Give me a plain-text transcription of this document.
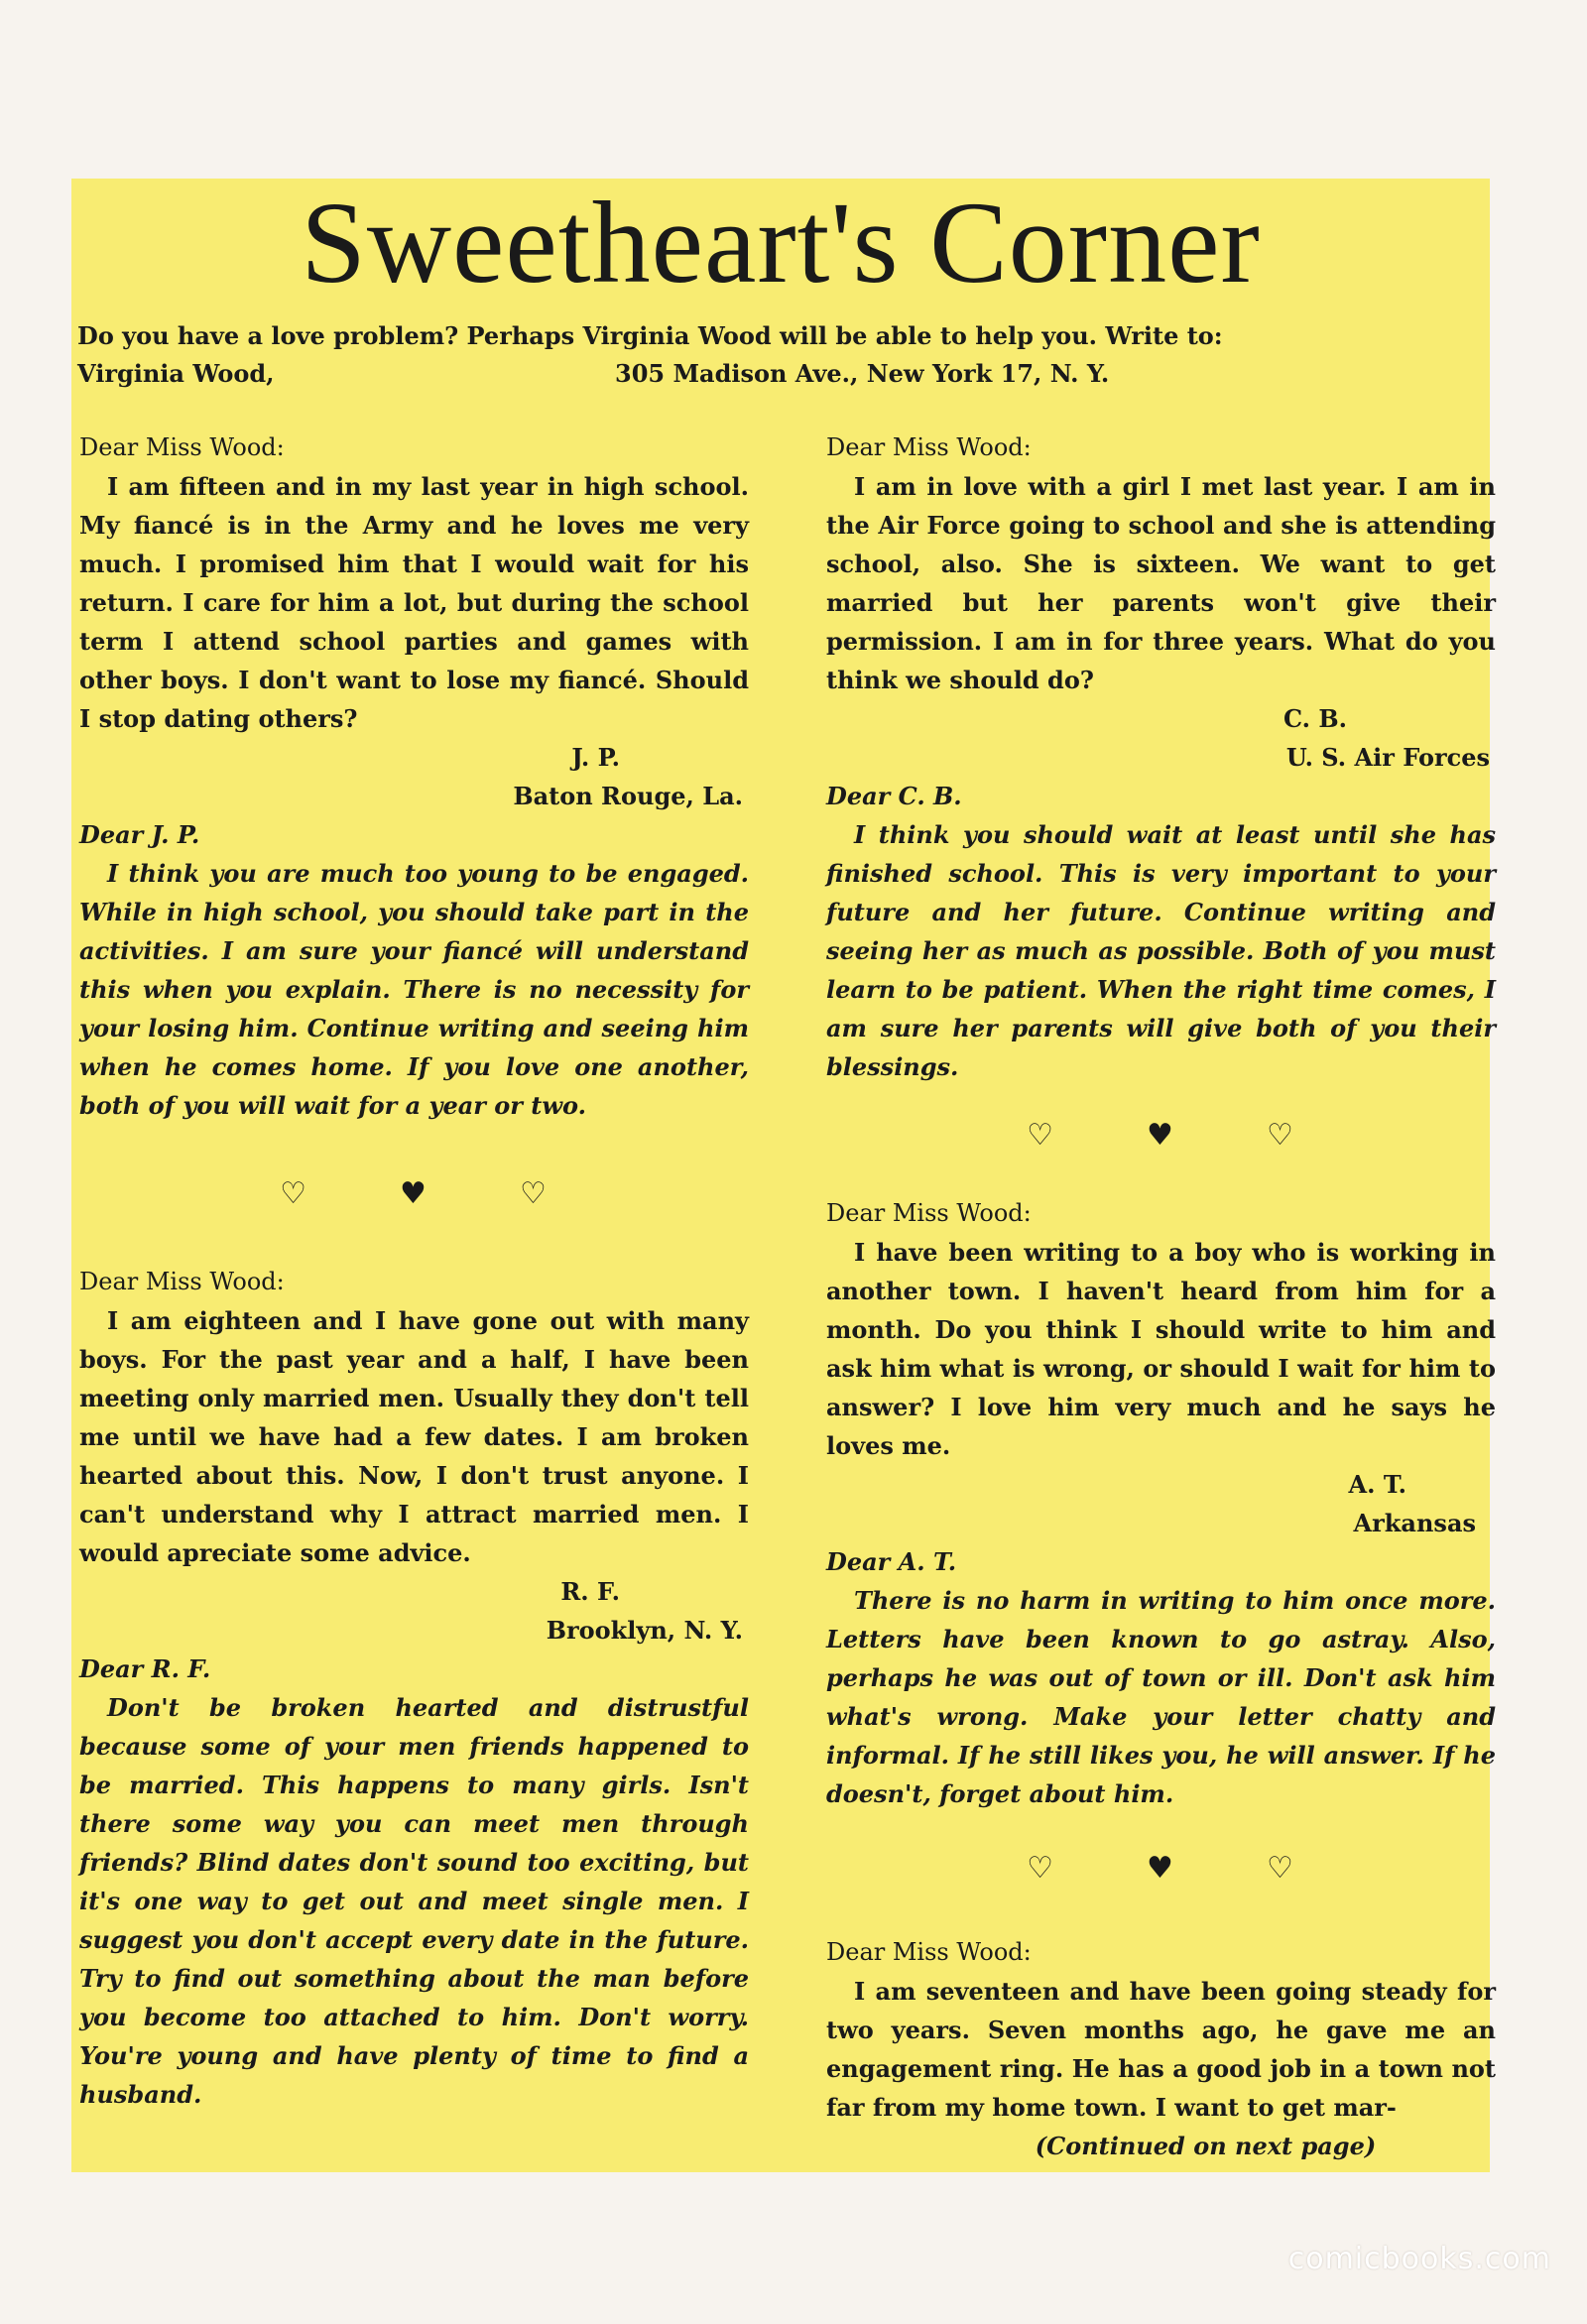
Sweetheart's Corner
Do you have a love problem? Perhaps Virginia Wood will be able to help you. Write to:
Virginia Wood,	305 Madison Ave., New York 17, N. Y.

Dear Miss Wood:

I am fifteen and in my last year in high school. My fiancé is in the Army and he loves me very much. I promised him that I would wait for his return. I care for him a lot, but during the school term I attend school parties and games with other boys. I don't want to lose my fiancé. Should I stop dating others?

J. P.

Baton Rouge, La.

Dear J. P.

I think you are much too young to be engaged. While in high school, you should take part in the activities. I am sure your fiancé will understand this when you explain. There is no necessity for your losing him. Continue writing and seeing him when he comes home. If you love one another, both of you will wait for a year or two.

♡	♥	♡

Dear Miss Wood:

I am eighteen and I have gone out with many boys. For the past year and a half, I have been meeting only married men. Usually they don't tell me until we have had a few dates. I am broken hearted about this. Now, I don't trust anyone. I can't understand why I attract married men. I would apreciate some advice.

R. F.

Brooklyn, N. Y.

Dear R. F.

Don't be broken hearted and distrustful because some of your men friends happened to be married. This happens to many girls. Isn't there some way you can meet men through friends? Blind dates don't sound too exciting, but it's one way to get out and meet single men. I suggest you don't accept every date in the future. Try to find out something about the man before you become too attached to him. Don't worry. You're young and have plenty of time to find a husband.

Dear Miss Wood:

I am in love with a girl I met last year. I am in the Air Force going to school and she is attending school, also. She is sixteen. We want to get married but her parents won't give their permission. I am in for three years. What do you think we should do?

C. B.

U. S. Air Forces

Dear C. B.

I think you should wait at least until she has finished school. This is very important to your future and her future. Continue writing and seeing her as much as possible. Both of you must learn to be patient. When the right time comes, I am sure her parents will give both of you their blessings.

♡	♥	♡

Dear Miss Wood:

I have been writing to a boy who is working in another town. I haven't heard from him for a month. Do you think I should write to him and ask him what is wrong, or should I wait for him to answer? I love him very much and he says he loves me.

A. T.

Arkansas

Dear A. T.

There is no harm in writing to him once more. Letters have been known to go astray. Also, perhaps he was out of town or ill. Don't ask him what's wrong. Make your letter chatty and informal. If he still likes you, he will answer. If he doesn't, forget about him.

♡	♥	♡

Dear Miss Wood:

I am seventeen and have been going steady for two years. Seven months ago, he gave me an engagement ring. He has a good job in a town not far from my home town. I want to get mar-

(Continued on next page)

comicbooks.com
